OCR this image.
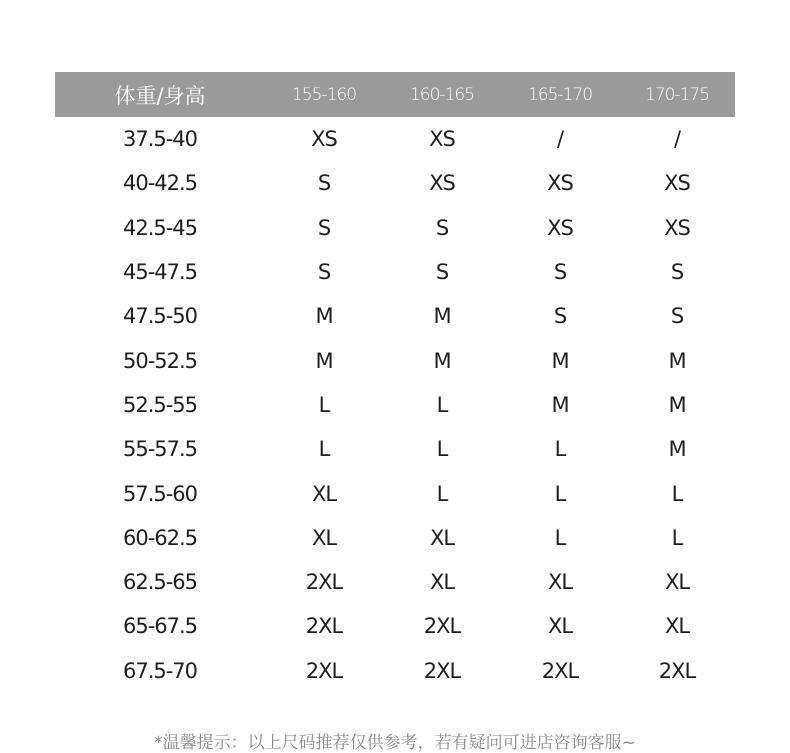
体重/身高	155-160	160-165	165-170	170-175
37.5-40	XS	XS	/	/
40-42.5	S	XS	XS	XS
42.5-45	S	S	XS	XS
45-47.5	S	S	S	S
47.5-50	M	M	S	S
50-52.5	M	M	M	M
52.5-55	L	L	M	M
55-57.5	L	L	L	M
57.5-60	XL	L	L	L
60-62.5	XL	XL	L	L
62.5-65	2XL	XL	XL	XL
65-67.5	2XL	2XL	XL	XL
67.5-70	2XL	2XL	2XL	2XL
*温馨提示：以上尺码推荐仅供参考，若有疑问可进店咨询客服~
